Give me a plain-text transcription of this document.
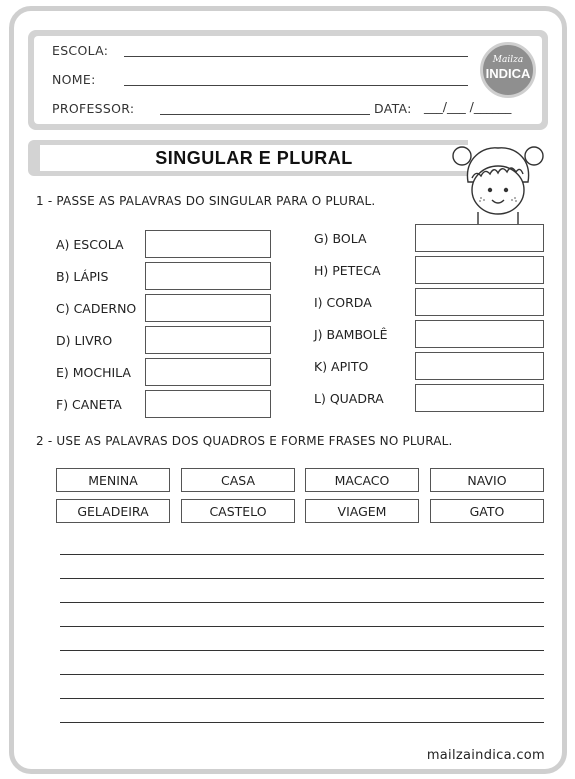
ESCOLA:
NOME:
PROFESSOR:	DATA: ___/___ /______
Mailza
INDICA
SINGULAR E PLURAL
1 - PASSE AS PALAVRAS DO SINGULAR PARA O PLURAL.
A) ESCOLA
B) LÁPIS
C) CADERNO
D) LIVRO
E) MOCHILA
F) CANETA
G) BOLA
H) PETECA
I) CORDA
J) BAMBOLÊ
K) APITO
L) QUADRA
2 - USE AS PALAVRAS DOS QUADROS E FORME FRASES NO PLURAL.
MENINA	CASA	MACACO	NAVIO
GELADEIRA	CASTELO	VIAGEM	GATO
mailzaindica.com
